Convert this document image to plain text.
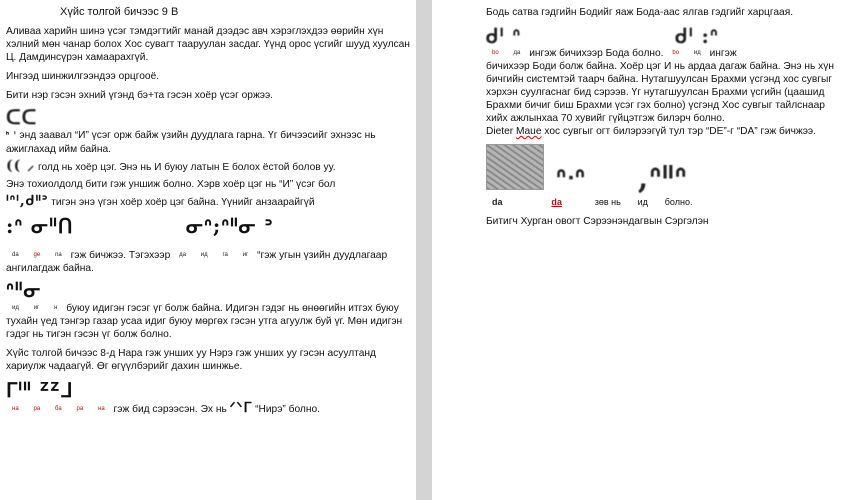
Хүйс толгой бичээс 9 В

Аливаа харийн шинэ үсэг тэмдэгтийг манай дээдэс авч хэрэглэхдээ өөрийн хүн хэлний мөн чанар болох Хос сувагт тааруулан засдаг. Үүнд орос үсгийг шууд хуулсан Ц. Дамдинсүрэн хамаарахгүй.

Ингээд шинжилгээндээ орцгооё.

Бити нэр гэсэн эхний үгэнд бэ+та гэсэн хоёр үсэг оржээ.

ᑕᑕ

ᑋ ᑊ энд заавал “И” үсэг орж байж үзийн дуудлага гарна. Үг бичээсийг эхнээс нь ажиглахад ийм байна.

(( ⸝ голд нь хоёр цэг. Энэ нь И буюу латын Е болох ёстой болов уу.

Энэ тохиолдолд бити гэж уншиж болно. Хэрв хоёр цэг нь “И” үсэг бол

ᑊᐢᑊ,ᑯᐦᐣ тигэн энэ үгэн хоёр хоёр цэг байна. Үүнийг анзаарайгүй

:ᐢ ᓂᐦᑎ	ᓂᐢ;ᐢᐦᓂ ᐣ

da ge na гэж бичжээ. Тэгэхээр да ид га иг “гэж угын үзийн дуудлагаар ангилагдаж байна.

ᐢᐦᓂ

ид иг н буюу идигэн гэсэг үг болж байна. Идигэн гэдэг нь өнөөгийн итгэх буюу тухайн үед тэнгэр газар усаа идиг буюу мөргөх гэсэн утга агуулж буй үг. Мөн идигэн гэдэг нь тигэн гэсэн үг болж болно.

Хүйс толгой бичээс 8-д Нара гэж унших уу Нэрэ гэж унших уу гэсэн асуултанд хариулж чадаагүй. Өг өгүүлбэрийг дахин шинжье.

ᒥᑊᐦ ᙆᙆᒧ

на ра ба ра на гэж бид сэрээсэн. Эх нь ᐟᐠᒥ “Нирэ” болно.

Бодь сатва гэдгийн Бодийг яаж Бода-аас ялгав гэдгийг харцгаая.

ᑯᑊ ᐢ	ᑯᑊ :ᐢ

bo да ингэж бичихээр Бода болно. bo ид ингэж

бичихээр Боди болж байна. Хоёр цэг И нь ардаа дагаж байна. Энэ нь хүн бичгийн системтэй таарч байна. Нутагшуулсан Брахми үсгэнд хос сувгыг хэрхэн суулгаснаг бид сэрээв. Үг нутагшуулсан Брахми үсгийн (цаашид Брахми бичиг биш Брахми үсэг гэх болно) үсгэнд Хос сувгыг тайлснаар хийх ажлынхаа 70 хувийг гүйцэтгэж билэрч болно.

Dieter Maue хос сувгыг огт билэрээгүй тул тэр “DE”-г “DA” гэж бичжээ.

ᐢᐧᐢ ,ᐢᐦᐢ

da	da	зөв нь ид болно.

Битигч Хурган овогт Сэрээнэндагвын Сэргэлэн
